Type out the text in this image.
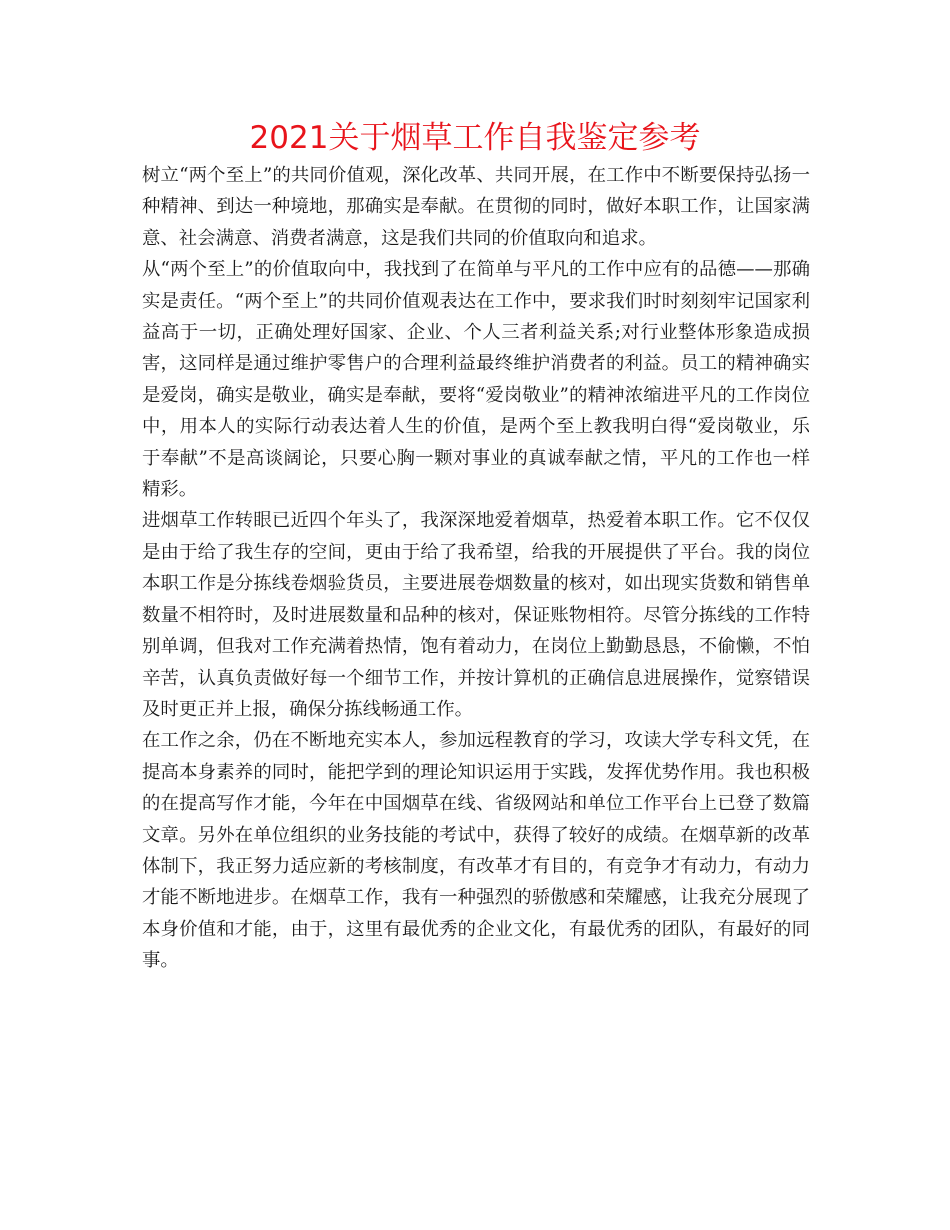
2021关于烟草工作自我鉴定参考

树立“两个至上”的共同价值观，深化改革、共同开展，在工作中不断要保持弘扬一种精神、到达一种境地，那确实是奉献。在贯彻的同时，做好本职工作，让国家满意、社会满意、消费者满意，这是我们共同的价值取向和追求。

从“两个至上”的价值取向中，我找到了在简单与平凡的工作中应有的品德——那确实是责任。“两个至上”的共同价值观表达在工作中，要求我们时时刻刻牢记国家利益高于一切，正确处理好国家、企业、个人三者利益关系;对行业整体形象造成损害，这同样是通过维护零售户的合理利益最终维护消费者的利益。员工的精神确实是爱岗，确实是敬业，确实是奉献，要将“爱岗敬业”的精神浓缩进平凡的工作岗位中，用本人的实际行动表达着人生的价值，是两个至上教我明白得“爱岗敬业，乐于奉献”不是高谈阔论，只要心胸一颗对事业的真诚奉献之情，平凡的工作也一样精彩。

进烟草工作转眼已近四个年头了，我深深地爱着烟草，热爱着本职工作。它不仅仅是由于给了我生存的空间，更由于给了我希望，给我的开展提供了平台。我的岗位本职工作是分拣线卷烟验货员，主要进展卷烟数量的核对，如出现实货数和销售单数量不相符时，及时进展数量和品种的核对，保证账物相符。尽管分拣线的工作特别单调，但我对工作充满着热情，饱有着动力，在岗位上勤勤恳恳，不偷懒，不怕辛苦，认真负责做好每一个细节工作，并按计算机的正确信息进展操作，觉察错误及时更正并上报，确保分拣线畅通工作。

在工作之余，仍在不断地充实本人，参加远程教育的学习，攻读大学专科文凭，在提高本身素养的同时，能把学到的理论知识运用于实践，发挥优势作用。我也积极的在提高写作才能，今年在中国烟草在线、省级网站和单位工作平台上已登了数篇文章。另外在单位组织的业务技能的考试中，获得了较好的成绩。在烟草新的改革体制下，我正努力适应新的考核制度，有改革才有目的，有竞争才有动力，有动力才能不断地进步。在烟草工作，我有一种强烈的骄傲感和荣耀感，让我充分展现了本身价值和才能，由于，这里有最优秀的企业文化，有最优秀的团队，有最好的同事。
